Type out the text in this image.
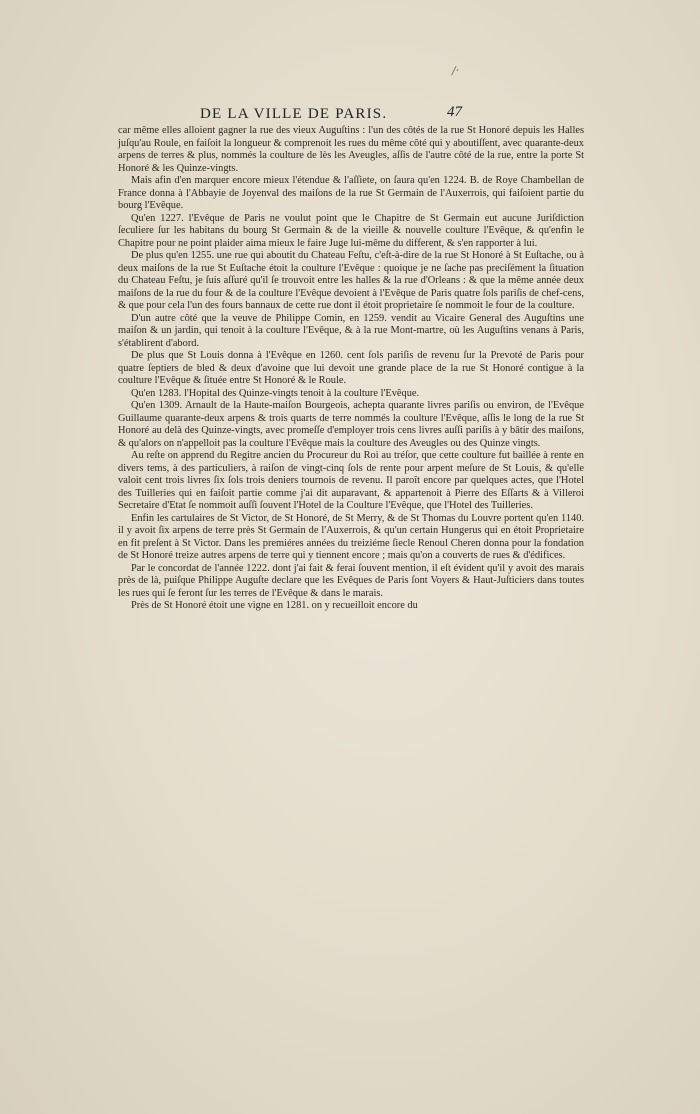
/·
DE LA VILLE DE PARIS.	47

car même elles alloient gagner la rue des vieux Auguſtins : l'un des côtés de la rue St Honoré depuis les Halles juſqu'au Roule, en faiſoit la longueur & comprenoit les rues du même côté qui y aboutiſſent, avec quarante-deux arpens de terres & plus, nommés la coulture de lès les Aveugles, aſſis de l'autre côté de la rue, entre la porte St Honoré & les Quinze-vingts.

Mais afin d'en marquer encore mieux l'étendue & l'aſſiete, on ſaura qu'en 1224. B. de Roye Chambellan de France donna à l'Abbayie de Joyenval des maiſons de la rue St Germain de l'Auxerrois, qui faiſoient partie du bourg l'Evêque.

Qu'en 1227. l'Evêque de Paris ne voulut point que le Chapitre de St Germain eut aucune Juriſdiction ſeculiere ſur les habitans du bourg St Germain & de la vieille & nouvelle coulture l'Evêque, & qu'enfin le Chapitre pour ne point plaider aima mieux le faire Juge lui-même du different, & s'en rapporter à lui.

De plus qu'en 1255. une rue qui aboutit du Chateau Feſtu, c'eſt-à-dire de la rue St Honoré à St Euſtache, ou à deux maiſons de la rue St Euſtache étoit la coulture l'Evêque : quoique je ne ſache pas preciſément la ſituation du Chateau Feſtu, je ſuis aſſuré qu'il ſe trouvoit entre les halles & la rue d'Orleans : & que la même année deux maiſons de la rue du four & de la coulture l'Evêque devoient à l'Evêque de Paris quatre ſols pariſis de chef-cens, & que pour cela l'un des fours bannaux de cette rue dont il étoit proprietaire ſe nommoit le four de la coulture.

D'un autre côté que la veuve de Philippe Comin, en 1259. vendit au Vicaire General des Auguſtins une maiſon & un jardin, qui tenoit à la coulture l'Evêque, & à la rue Mont-martre, où les Auguſtins venans à Paris, s'établirent d'abord.

De plus que St Louis donna à l'Evêque en 1260. cent ſols pariſis de revenu ſur la Prevoté de Paris pour quatre ſeptiers de bled & deux d'avoine que lui devoit une grande place de la rue St Honoré contigue à la coulture l'Evêque & ſituée entre St Honoré & le Roule.

Qu'en 1283. l'Hopital des Quinze-vingts tenoit à la coulture l'Evêque.

Qu'en 1309. Arnault de la Haute-maiſon Bourgeois, achepta quarante livres pariſis ou environ, de l'Evêque Guillaume quarante-deux arpens & trois quarts de terre nommés la coulture l'Evêque, aſſis le long de la rue St Honoré au delà des Quinze-vingts, avec promeſſe d'employer trois cens livres auſſi pariſis à y bâtir des maiſons, & qu'alors on n'appelloit pas la coulture l'Evêque mais la coulture des Aveugles ou des Quinze vingts.

Au reſte on apprend du Regitre ancien du Procureur du Roi au tréſor, que cette coulture fut baillée à rente en divers tems, à des particuliers, à raiſon de vingt-cinq ſols de rente pour arpent meſure de St Louis, & qu'elle valoit cent trois livres ſix ſols trois deniers tournois de revenu. Il paroît encore par quelques actes, que l'Hotel des Tuilleries qui en faiſoit partie comme j'ai dit auparavant, & appartenoit à Pierre des Eſſarts & à Villeroi Secretaire d'Etat ſe nommoit auſſi ſouvent l'Hotel de la Coulture l'Evêque, que l'Hotel des Tuilleries.

Enfin les cartulaires de St Victor, de St Honoré, de St Merry, & de St Thomas du Louvre portent qu'en 1140. il y avoit ſix arpens de terre près St Germain de l'Auxerrois, & qu'un certain Hungerus qui en étoit Proprietaire en fit preſent à St Victor. Dans les premiéres années du treiziéme ſiecle Renoul Cheren donna pour la fondation de St Honoré treize autres arpens de terre qui y tiennent encore ; mais qu'on a couverts de rues & d'édifices.

Par le concordat de l'année 1222. dont j'ai fait & ferai ſouvent mention, il eſt évident qu'il y avoit des marais près de là, puiſque Philippe Auguſte declare que les Evêques de Paris ſont Voyers & Haut-Juſticiers dans toutes les rues qui ſe feront ſur les terres de l'Evêque & dans le marais.

Près de St Honoré étoit une vigne en 1281. on y recueilloit encore du
